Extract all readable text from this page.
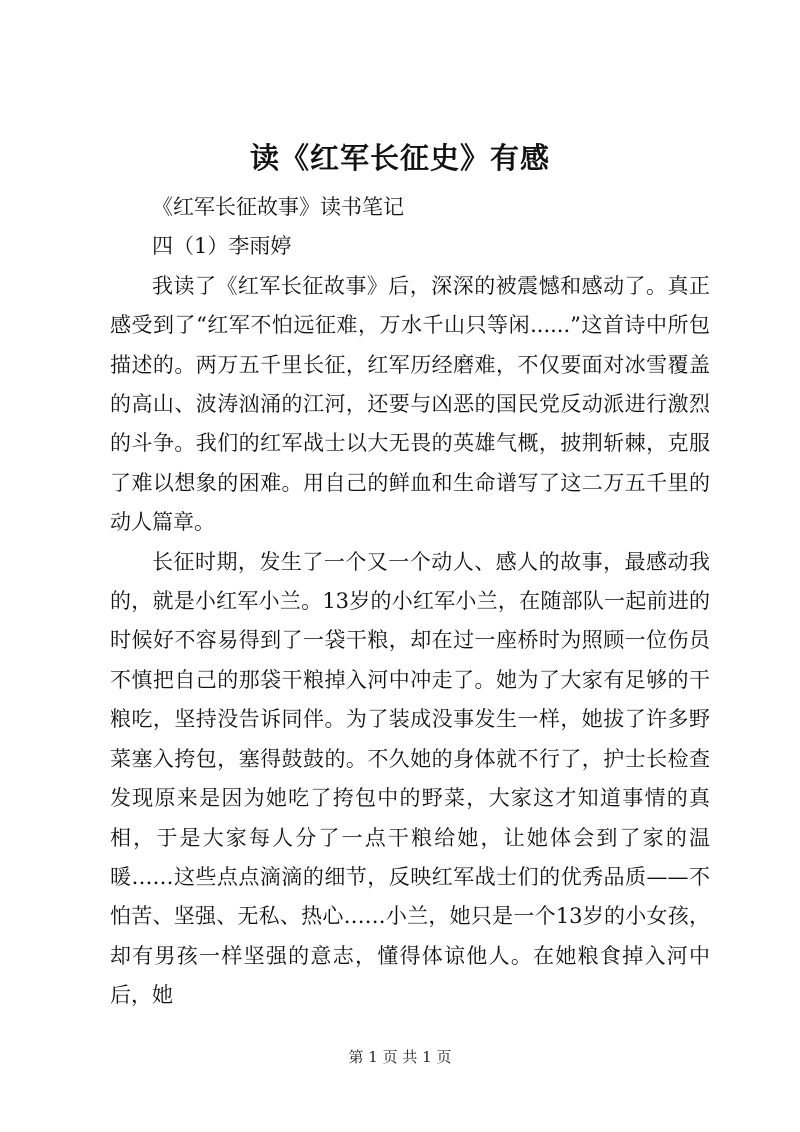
读《红军长征史》有感

《红军长征故事》读书笔记

四（1）李雨婷

我读了《红军长征故事》后，深深的被震憾和感动了。真正感受到了“红军不怕远征难，万水千山只等闲......”这首诗中所包描述的。两万五千里长征，红军历经磨难，不仅要面对冰雪覆盖的高山、波涛汹涌的江河，还要与凶恶的国民党反动派进行激烈的斗争。我们的红军战士以大无畏的英雄气概，披荆斩棘，克服了难以想象的困难。用自己的鲜血和生命谱写了这二万五千里的动人篇章。

长征时期，发生了一个又一个动人、感人的故事，最感动我的，就是小红军小兰。13岁的小红军小兰，在随部队一起前进的时候好不容易得到了一袋干粮，却在过一座桥时为照顾一位伤员不慎把自己的那袋干粮掉入河中冲走了。她为了大家有足够的干粮吃，坚持没告诉同伴。为了装成没事发生一样，她拔了许多野菜塞入挎包，塞得鼓鼓的。不久她的身体就不行了，护士长检查发现原来是因为她吃了挎包中的野菜，大家这才知道事情的真相，于是大家每人分了一点干粮给她，让她体会到了家的温暖……这些点点滴滴的细节，反映红军战士们的优秀品质——不怕苦、坚强、无私、热心……小兰，她只是一个13岁的小女孩，却有男孩一样坚强的意志，懂得体谅他人。在她粮食掉入河中后，她

第 1 页 共 1 页
